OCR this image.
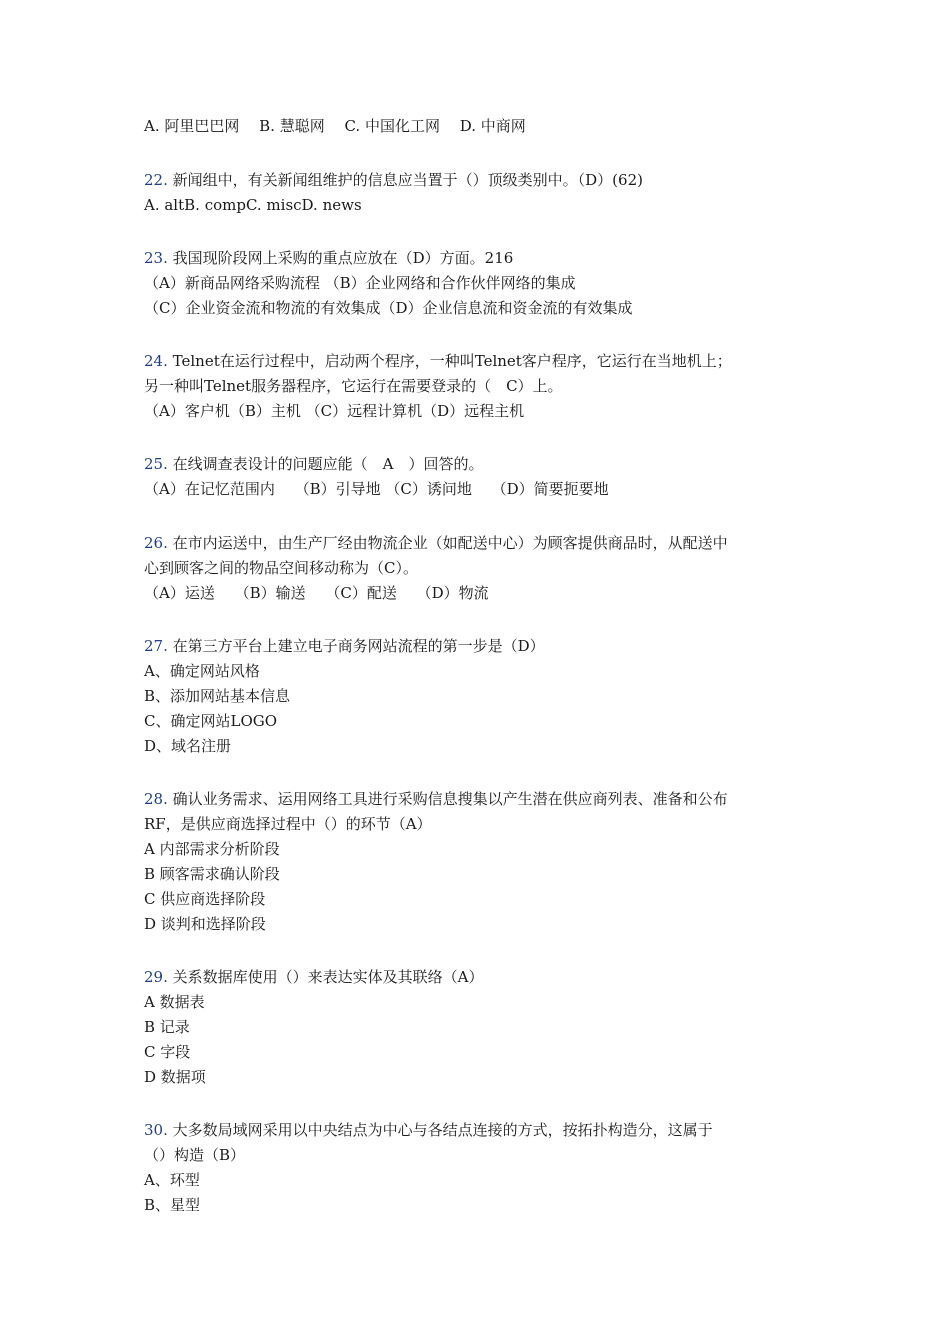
A. 阿里巴巴网　 B. 慧聪网　 C. 中国化工网　 D. 中商网
22. 新闻组中，有关新闻组维护的信息应当置于（）顶级类别中。（D）(62)
A. altB. compC. miscD. news
23. 我国现阶段网上采购的重点应放在（D）方面。216
（A）新商品网络采购流程 （B）企业网络和合作伙伴网络的集成
（C）企业资金流和物流的有效集成（D）企业信息流和资金流的有效集成
24. Telnet在运行过程中，启动两个程序，一种叫Telnet客户程序，它运行在当地机上；
另一种叫Telnet服务器程序，它运行在需要登录的（　C）上。
（A）客户机（B）主机 （C）远程计算机（D）远程主机
25. 在线调查表设计的问题应能（　A　）回答的。
（A）在记忆范围内　 （B）引导地 （C）诱问地　 （D）简要扼要地
26. 在市内运送中，由生产厂经由物流企业（如配送中心）为顾客提供商品时，从配送中
心到顾客之间的物品空间移动称为（C）。
（A）运送　 （B）输送　 （C）配送　 （D）物流
27. 在第三方平台上建立电子商务网站流程的第一步是（D）
A、确定网站风格
B、添加网站基本信息
C、确定网站LOGO
D、域名注册
28. 确认业务需求、运用网络工具进行采购信息搜集以产生潜在供应商列表、准备和公布
RF，是供应商选择过程中（）的环节（A）
A 内部需求分析阶段
B 顾客需求确认阶段
C 供应商选择阶段
D 谈判和选择阶段
29. 关系数据库使用（）来表达实体及其联络（A）
A 数据表
B 记录
C 字段
D 数据项
30. 大多数局域网采用以中央结点为中心与各结点连接的方式，按拓扑构造分，这属于
（）构造（B）
A、环型
B、星型
